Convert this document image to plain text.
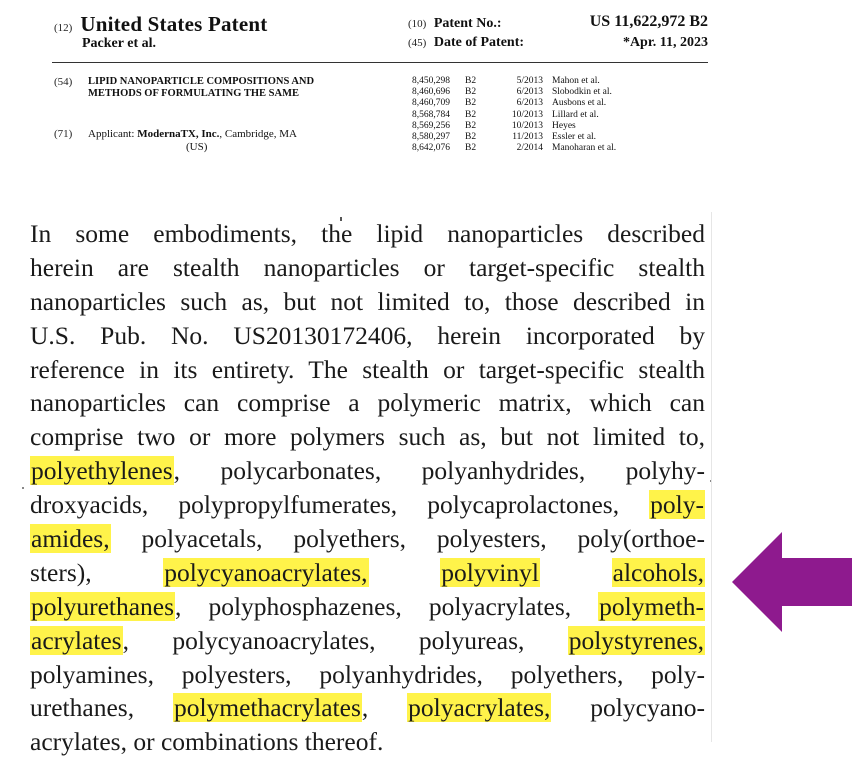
(12) United States Patent
Packer et al.
(10) Patent No.:	US 11,622,972 B2
(45) Date of Patent:	*Apr. 11, 2023
(54) LIPID NANOPARTICLE COMPOSITIONS AND METHODS OF FORMULATING THE SAME
(71) Applicant: ModernaTX, Inc., Cambridge, MA
(US)
8,450,298 B2	5/2013 Mahon et al.
8,460,696 B2	6/2013 Slobodkin et al.
8,460,709 B2	6/2013 Ausbons et al.
8,568,784 B2	10/2013 Lillard et al.
8,569,256 B2	10/2013 Heyes
8,580,297 B2	11/2013 Essler et al.
8,642,076 B2	2/2014 Manoharan et al.
In some embodiments, the lipid nanoparticles described
herein are stealth nanoparticles or target-specific stealth
nanoparticles such as, but not limited to, those described in
U.S. Pub. No. US20130172406, herein incorporated by
reference in its entirety. The stealth or target-specific stealth
nanoparticles can comprise a polymeric matrix, which can
comprise two or more polymers such as, but not limited to,
polyethylenes, polycarbonates, polyanhydrides, polyhy-
droxyacids, polypropylfumerates, polycaprolactones, poly-
amides, polyacetals, polyethers, polyesters, poly(orthoe-
sters),	polycyanoacrylates,	polyvinyl	alcohols,
polyurethanes, polyphosphazenes, polyacrylates, polymeth-
acrylates, polycyanoacrylates, polyureas, polystyrenes,
polyamines, polyesters, polyanhydrides, polyethers, poly-
urethanes, polymethacrylates, polyacrylates, polycyano-
acrylates, or combinations thereof.
